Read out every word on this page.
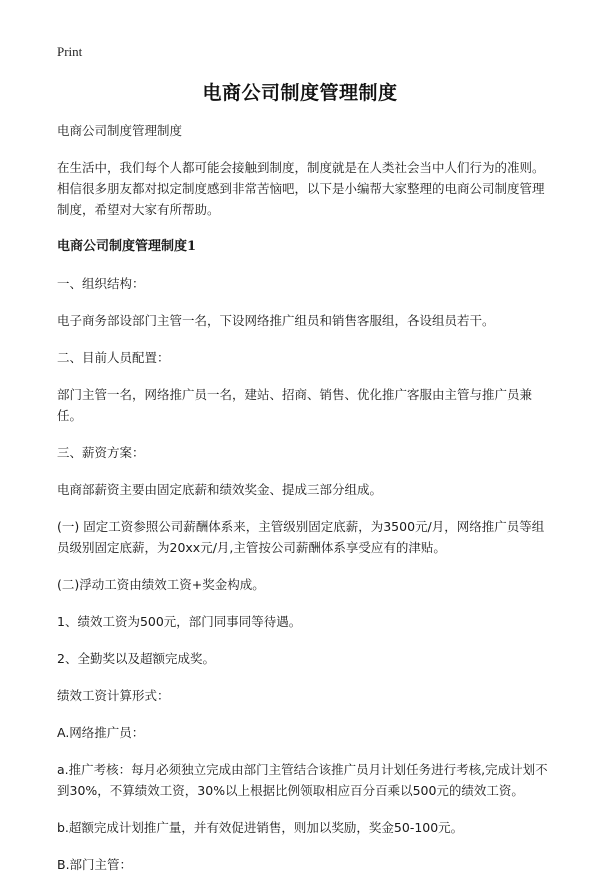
Print
电商公司制度管理制度

电商公司制度管理制度

在生活中，我们每个人都可能会接触到制度，制度就是在人类社会当中人们行为的准则。相信很多朋友都对拟定制度感到非常苦恼吧，以下是小编帮大家整理的电商公司制度管理制度，希望对大家有所帮助。

电商公司制度管理制度1

一、组织结构：

电子商务部设部门主管一名，下设网络推广组员和销售客服组，各设组员若干。

二、目前人员配置：

部门主管一名，网络推广员一名，建站、招商、销售、优化推广客服由主管与推广员兼任。

三、薪资方案：

电商部薪资主要由固定底薪和绩效奖金、提成三部分组成。

(一) 固定工资参照公司薪酬体系来，主管级别固定底薪，为3500元/月，网络推广员等组员级别固定底薪，为20xx元/月,主管按公司薪酬体系享受应有的津贴。

(二)浮动工资由绩效工资+奖金构成。

1、绩效工资为500元，部门同事同等待遇。

2、全勤奖以及超额完成奖。

绩效工资计算形式：

A.网络推广员：

a.推广考核：每月必须独立完成由部门主管结合该推广员月计划任务进行考核,完成计划不到30%，不算绩效工资，30%以上根据比例领取相应百分百乘以500元的绩效工资。

b.超额完成计划推广量，并有效促进销售，则加以奖励，奖金50-100元。

B.部门主管：
